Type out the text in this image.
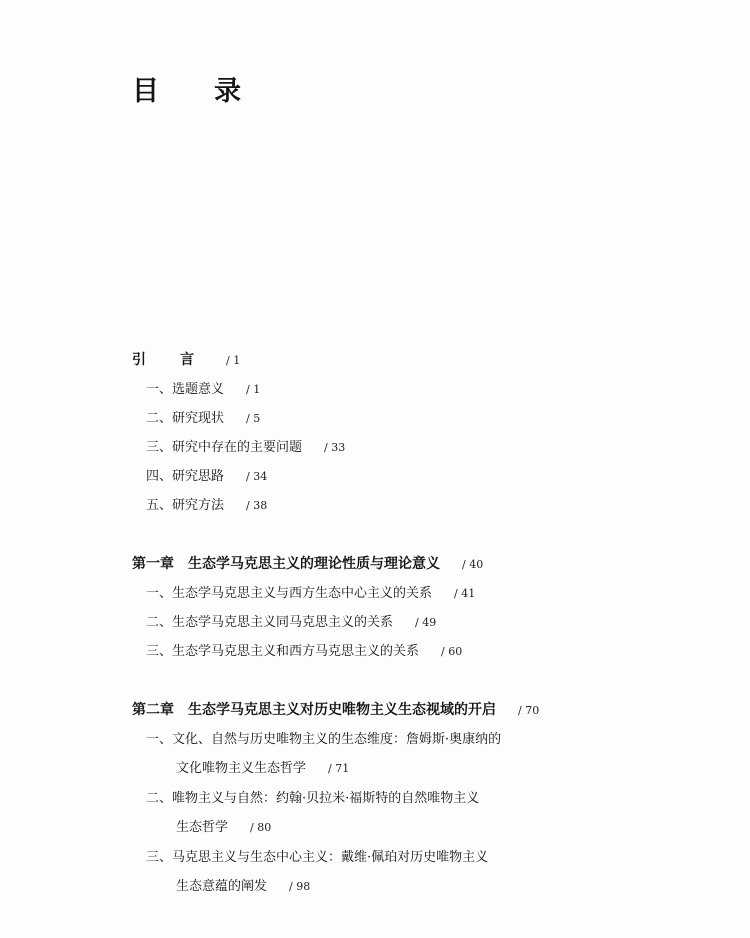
目　录
引　言 / 1
一、选题意义 / 1
二、研究现状 / 5
三、研究中存在的主要问题 / 33
四、研究思路 / 34
五、研究方法 / 38
第一章　生态学马克思主义的理论性质与理论意义 / 40
一、生态学马克思主义与西方生态中心主义的关系 / 41
二、生态学马克思主义同马克思主义的关系 / 49
三、生态学马克思主义和西方马克思主义的关系 / 60
第二章　生态学马克思主义对历史唯物主义生态视域的开启 / 70
一、文化、自然与历史唯物主义的生态维度：詹姆斯·奥康纳的
文化唯物主义生态哲学 / 71
二、唯物主义与自然：约翰·贝拉米·福斯特的自然唯物主义
生态哲学 / 80
三、马克思主义与生态中心主义：戴维·佩珀对历史唯物主义
生态意蕴的阐发 / 98
